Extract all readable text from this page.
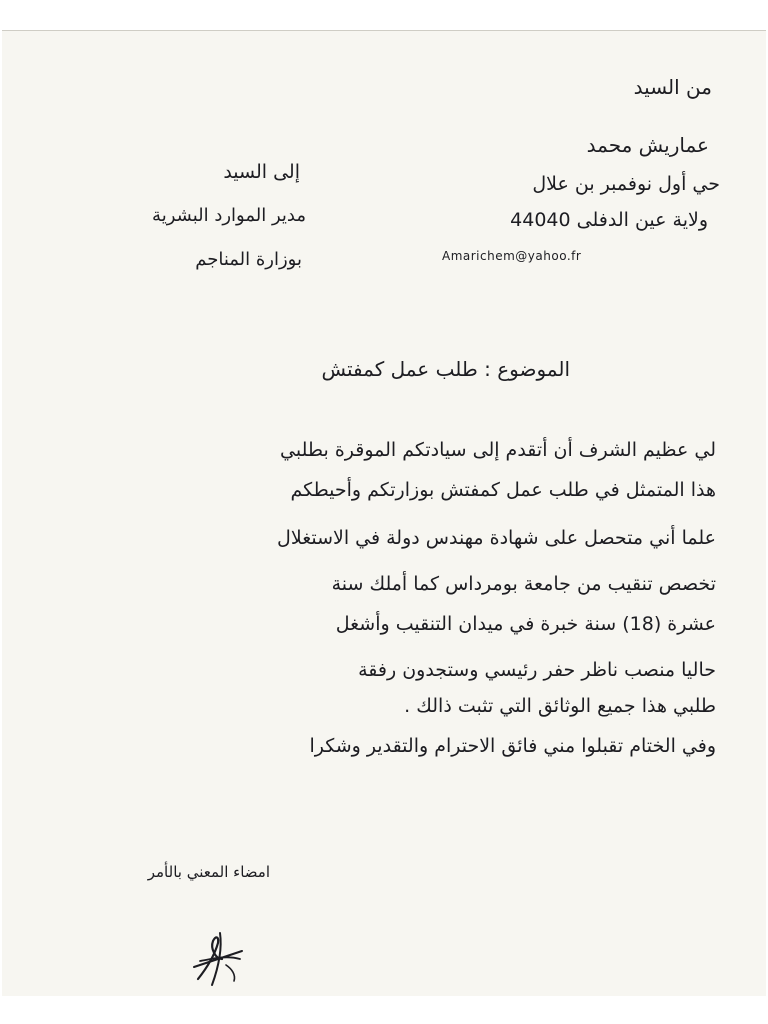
من السيد
عماريش محمد
حي أول نوفمبر بن علال
ولاية عين الدفلى 44040
Amarichem@yahoo.fr
إلى السيد
مدير الموارد البشرية
بوزارة المناجم
الموضوع : طلب عمل كمفتش
لي عظيم الشرف أن أتقدم إلى سيادتكم الموقرة بطلبي
هذا المتمثل في طلب عمل كمفتش بوزارتكم وأحيطكم
علما أني متحصل على شهادة مهندس دولة في الاستغلال
تخصص تنقيب من جامعة بومرداس كما أملك سنة
عشرة (18) سنة خبرة في ميدان التنقيب وأشغل
حاليا منصب ناظر حفر رئيسي وستجدون رفقة
طلبي هذا جميع الوثائق التي تثبت ذالك .
وفي الختام تقبلوا مني فائق الاحترام والتقدير وشكرا
امضاء المعني بالأمر
